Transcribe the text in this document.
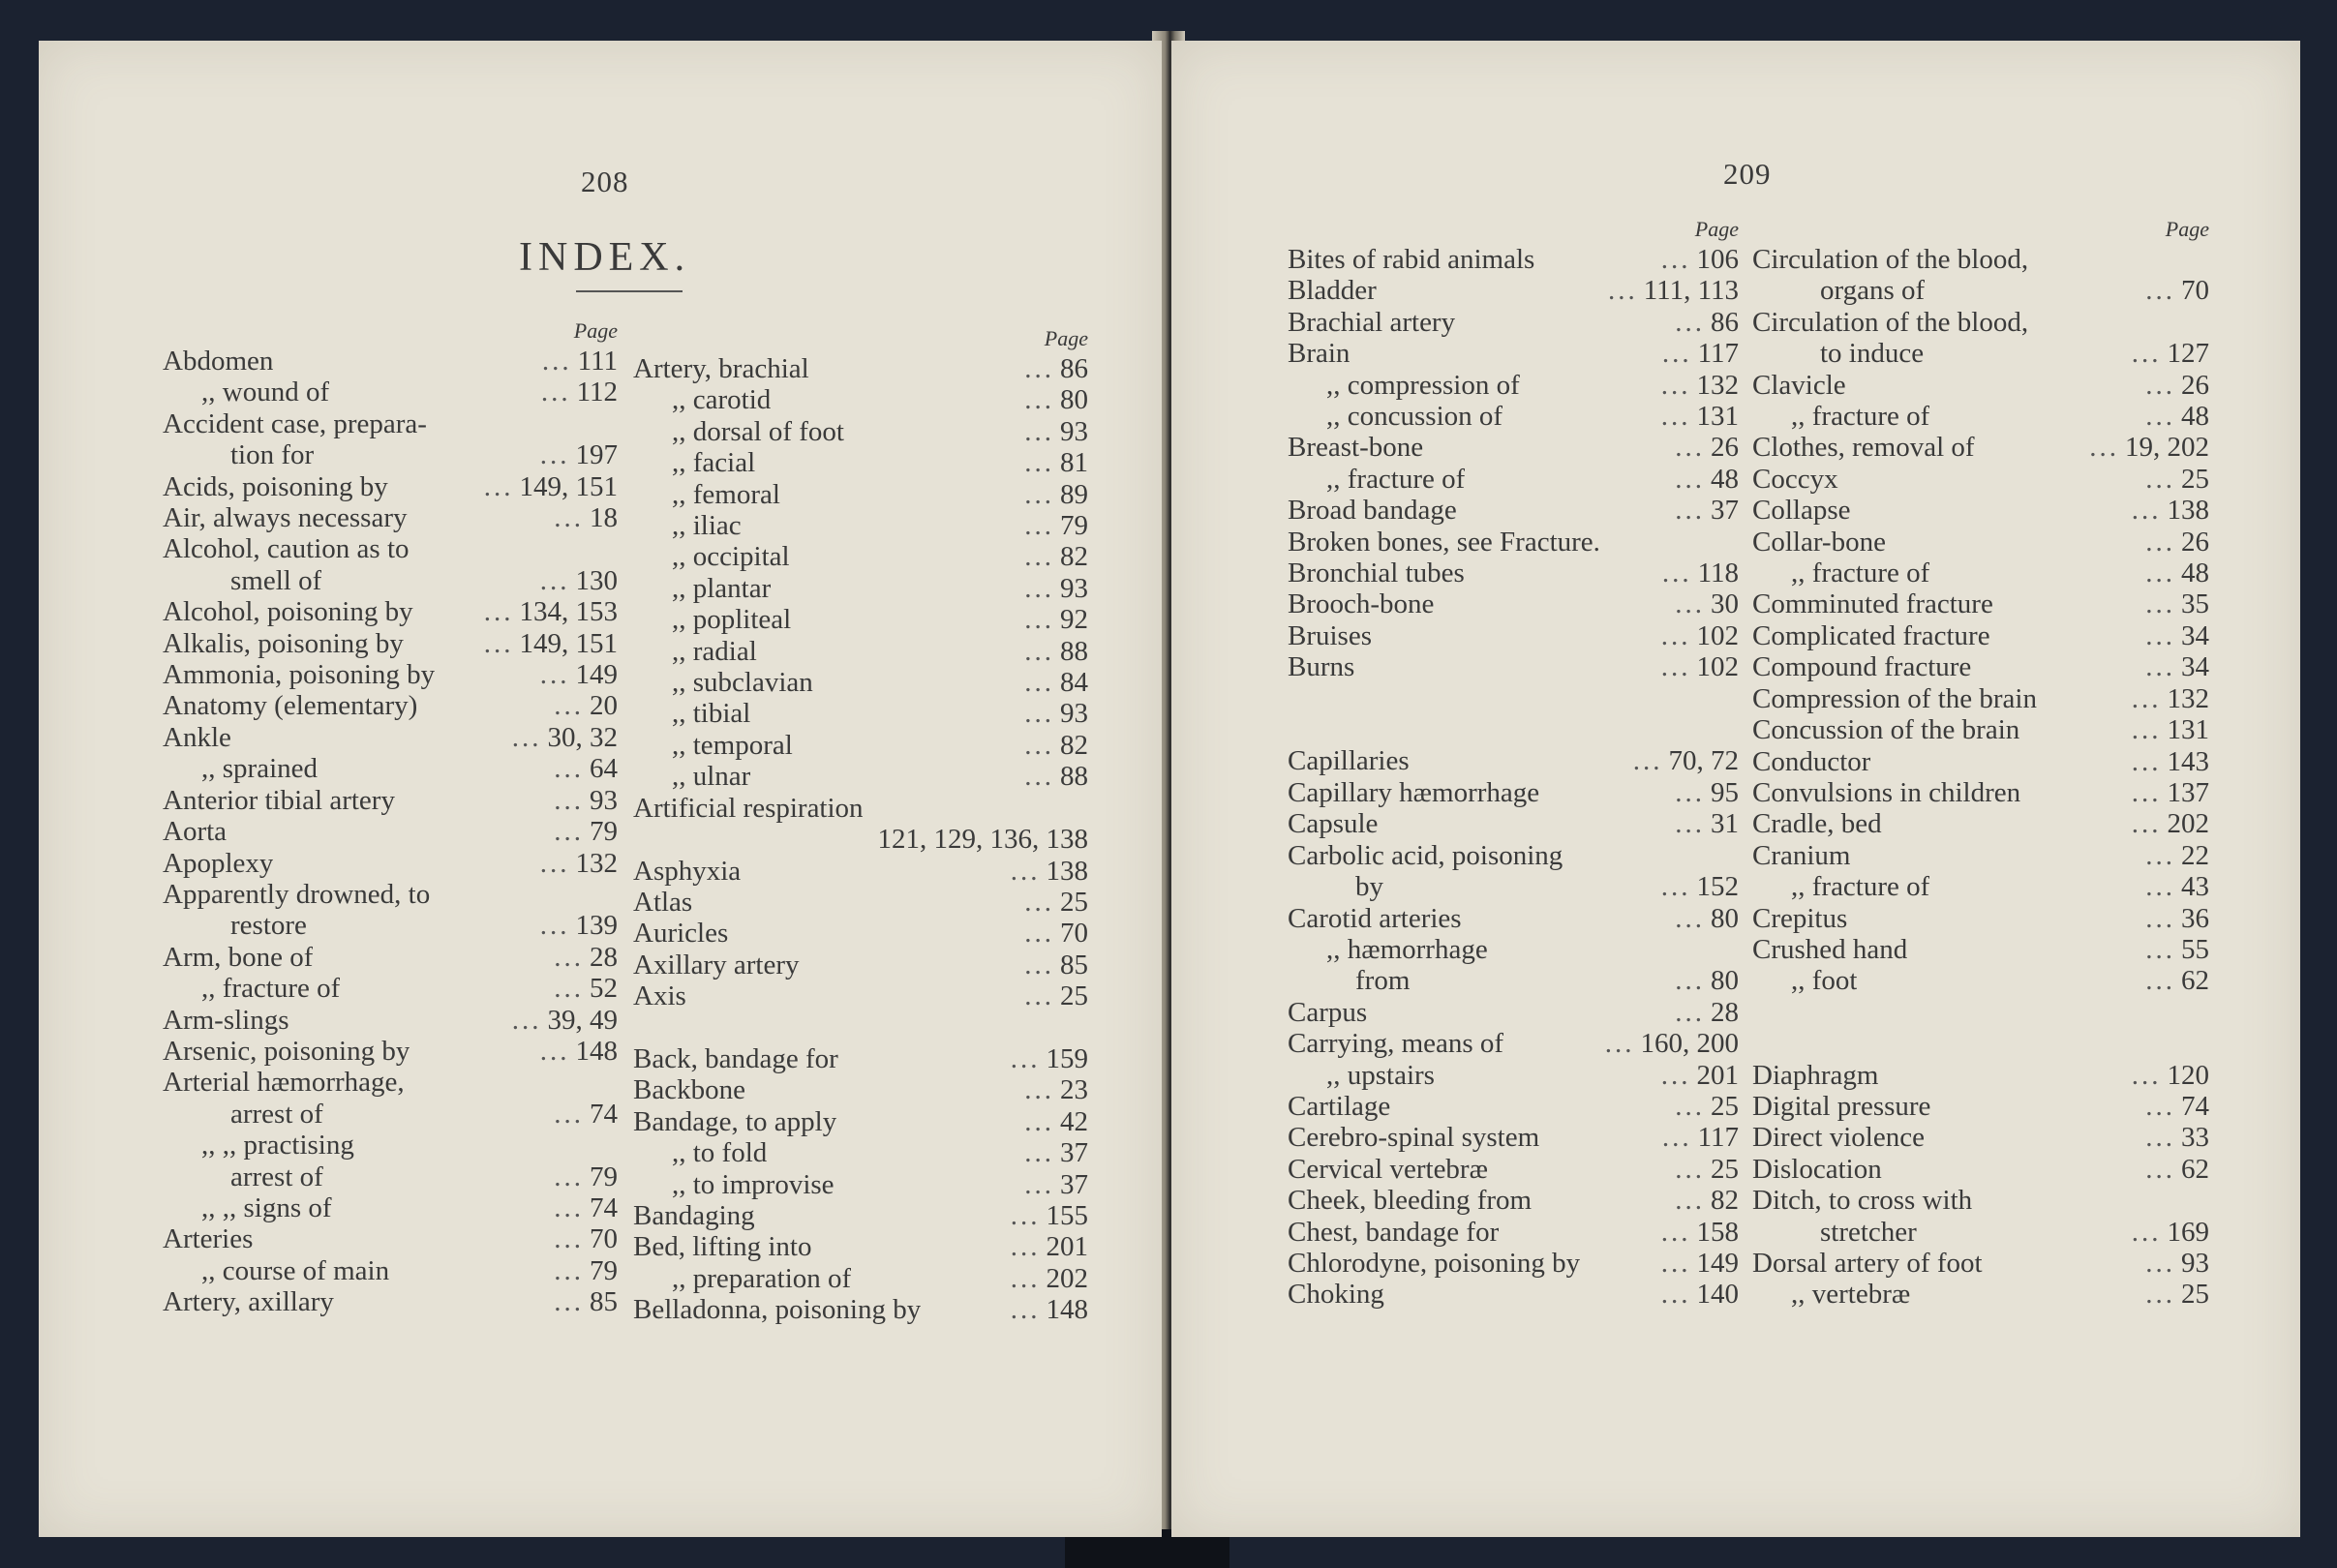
208
INDEX.
Page
Abdomen	... 111
,, wound of	... 112
Accident case, prepara-
tion for	... 197
Acids, poisoning by	... 149, 151
Air, always necessary	... 18
Alcohol, caution as to
smell of	... 130
Alcohol, poisoning by	... 134, 153
Alkalis, poisoning by	... 149, 151
Ammonia, poisoning by	... 149
Anatomy (elementary)	... 20
Ankle	... 30, 32
,, sprained	... 64
Anterior tibial artery	... 93
Aorta	... 79
Apoplexy	... 132
Apparently drowned, to
restore	... 139
Arm, bone of	... 28
,, fracture of	... 52
Arm-slings	... 39, 49
Arsenic, poisoning by	... 148
Arterial hæmorrhage,
arrest of	... 74
,, ,, practising
arrest of	... 79
,, ,, signs of	... 74
Arteries	... 70
,, course of main	... 79
Artery, axillary	... 85
Page
Artery, brachial	... 86
,, carotid	... 80
,, dorsal of foot	... 93
,, facial	... 81
,, femoral	... 89
,, iliac	... 79
,, occipital	... 82
,, plantar	... 93
,, popliteal	... 92
,, radial	... 88
,, subclavian	... 84
,, tibial	... 93
,, temporal	... 82
,, ulnar	... 88
Artificial respiration
121, 129, 136, 138
Asphyxia	... 138
Atlas	... 25
Auricles	... 70
Axillary artery	... 85
Axis	... 25
Back, bandage for	... 159
Backbone	... 23
Bandage, to apply	... 42
,, to fold	... 37
,, to improvise	... 37
Bandaging	... 155
Bed, lifting into	... 201
,, preparation of	... 202
Belladonna, poisoning by	... 148
209
Page
Bites of rabid animals	... 106
Bladder	... 111, 113
Brachial artery	... 86
Brain	... 117
,, compression of	... 132
,, concussion of	... 131
Breast-bone	... 26
,, fracture of	... 48
Broad bandage	... 37
Broken bones, see Fracture.
Bronchial tubes	... 118
Brooch-bone	... 30
Bruises	... 102
Burns	... 102
Capillaries	... 70, 72
Capillary hæmorrhage	... 95
Capsule	... 31
Carbolic acid, poisoning
by	... 152
Carotid arteries	... 80
,, hæmorrhage
from	... 80
Carpus	... 28
Carrying, means of	... 160, 200
,, upstairs	... 201
Cartilage	... 25
Cerebro-spinal system	... 117
Cervical vertebræ	... 25
Cheek, bleeding from	... 82
Chest, bandage for	... 158
Chlorodyne, poisoning by	... 149
Choking	... 140
Page
Circulation of the blood,
organs of	... 70
Circulation of the blood,
to induce	... 127
Clavicle	... 26
,, fracture of	... 48
Clothes, removal of	... 19, 202
Coccyx	... 25
Collapse	... 138
Collar-bone	... 26
,, fracture of	... 48
Comminuted fracture	... 35
Complicated fracture	... 34
Compound fracture	... 34
Compression of the brain	... 132
Concussion of the brain	... 131
Conductor	... 143
Convulsions in children	... 137
Cradle, bed	... 202
Cranium	... 22
,, fracture of	... 43
Crepitus	... 36
Crushed hand	... 55
,, foot	... 62
Diaphragm	... 120
Digital pressure	... 74
Direct violence	... 33
Dislocation	... 62
Ditch, to cross with
stretcher	... 169
Dorsal artery of foot	... 93
,, vertebræ	... 25
